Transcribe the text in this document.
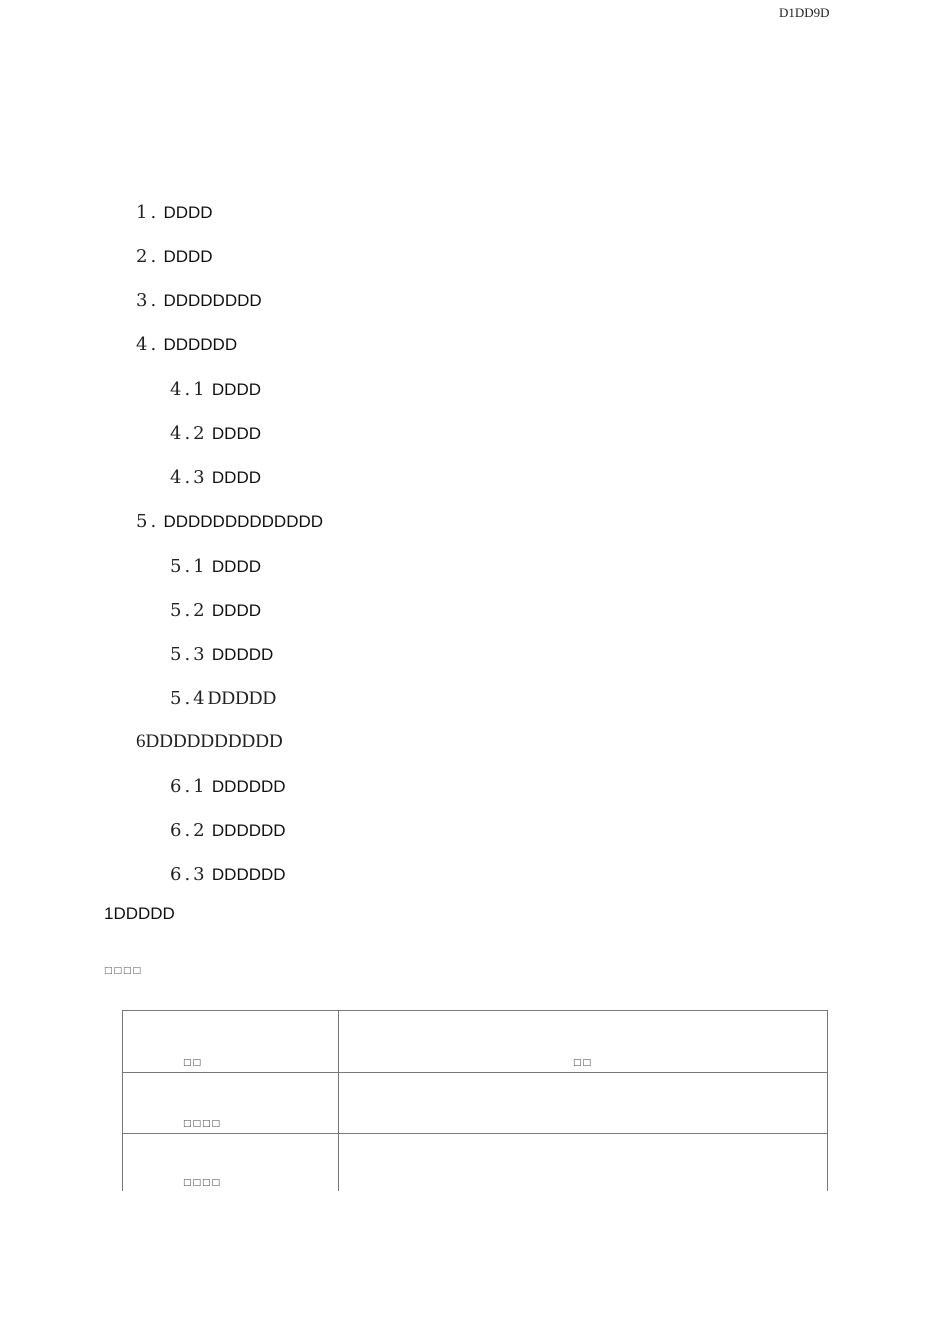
D1DD9D
1. DDDD
2. DDDD
3. DDDDDDDD
4. DDDDDD
4.1 DDDD
4.2 DDDD
4.3 DDDD
5. DDDDDDDDDDDDD
5.1 DDDD
5.2 DDDD
5.3 DDDDD
5.4DDDDD
6DDDDDDDDDD
6.1 DDDDDD
6.2 DDDDDD
6.3 DDDDDD
1DDDDD
□□□□
□□	□□
□□□□
□□□□
